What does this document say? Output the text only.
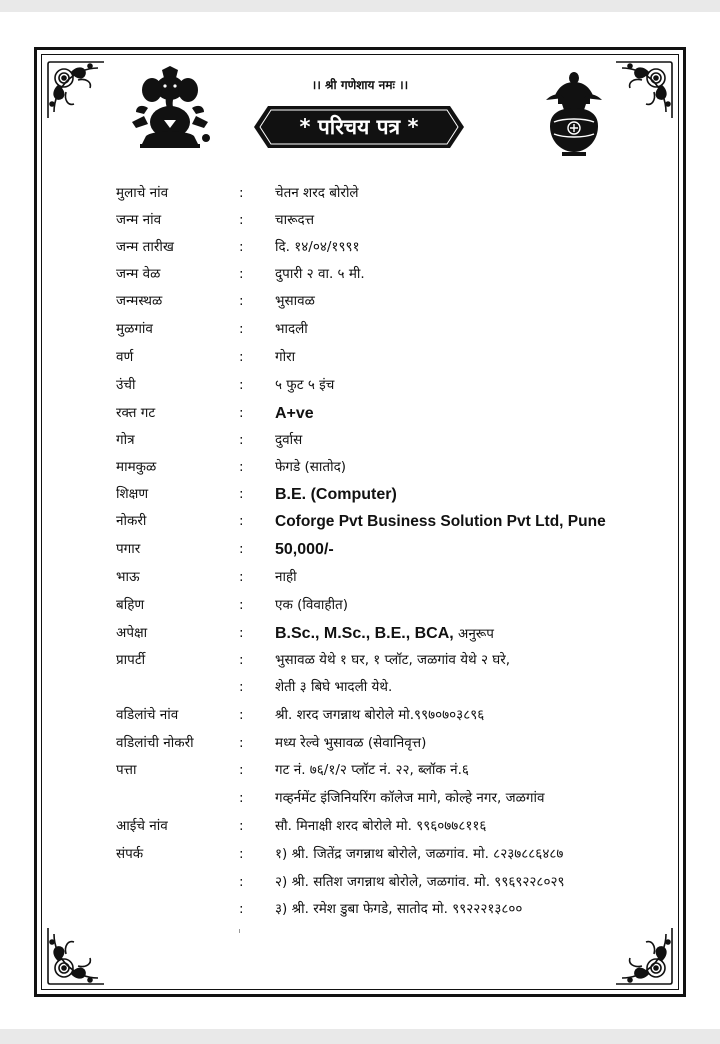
।। श्री गणेशाय नमः ।।
* परिचय पत्र *
मुलाचे नांव	: चेतन शरद बोरोले
जन्म नांव	: चारूदत्त
जन्म तारीख	: दि. १४/०४/१९९१
जन्म वेळ	: दुपारी २ वा. ५ मी.
जन्मस्थळ	: भुसावळ
मुळगांव	: भादली
वर्ण	: गोरा
उंची	: ५ फुट ५ इंच
रक्त गट	: A+ve
गोत्र	: दुर्वास
मामकुळ	: फेगडे (सातोद)
शिक्षण	: B.E. (Computer)
नोकरी	: Coforge Pvt Business Solution Pvt Ltd, Pune
पगार	: 50,000/-
भाऊ	: नाही
बहिण	: एक (विवाहीत)
अपेक्षा	: B.Sc., M.Sc., B.E., BCA, अनुरूप
प्रापर्टी	: भुसावळ येथे १ घर, १ प्लॉट, जळगांव येथे २ घरे,
: शेती ३ बिघे भादली येथे.
वडिलांचे नांव	: श्री. शरद जगन्नाथ बोरोले मो.९९७०७०३८९६
वडिलांची नोकरी	: मध्य रेल्वे भुसावळ (सेवानिवृत्त)
पत्ता	: गट नं. ७६/१/२ प्लॉट नं. २२, ब्लॉक नं.६
: गव्हर्नमेंट इंजिनियरिंग कॉलेज मागे, कोल्हे नगर, जळगांव
आईचे नांव	: सौ. मिनाक्षी शरद बोरोले मो. ९९६०७७८११६
संपर्क	: १) श्री. जितेंद्र जगन्नाथ बोरोले, जळगांव. मो. ८२३७८८६४८७
: २) श्री. सतिश जगन्नाथ बोरोले, जळगांव. मो. ९९६९२२८०२९
: ३) श्री. रमेश डुबा फेगडे, सातोद मो. ९९२२२१३८००
